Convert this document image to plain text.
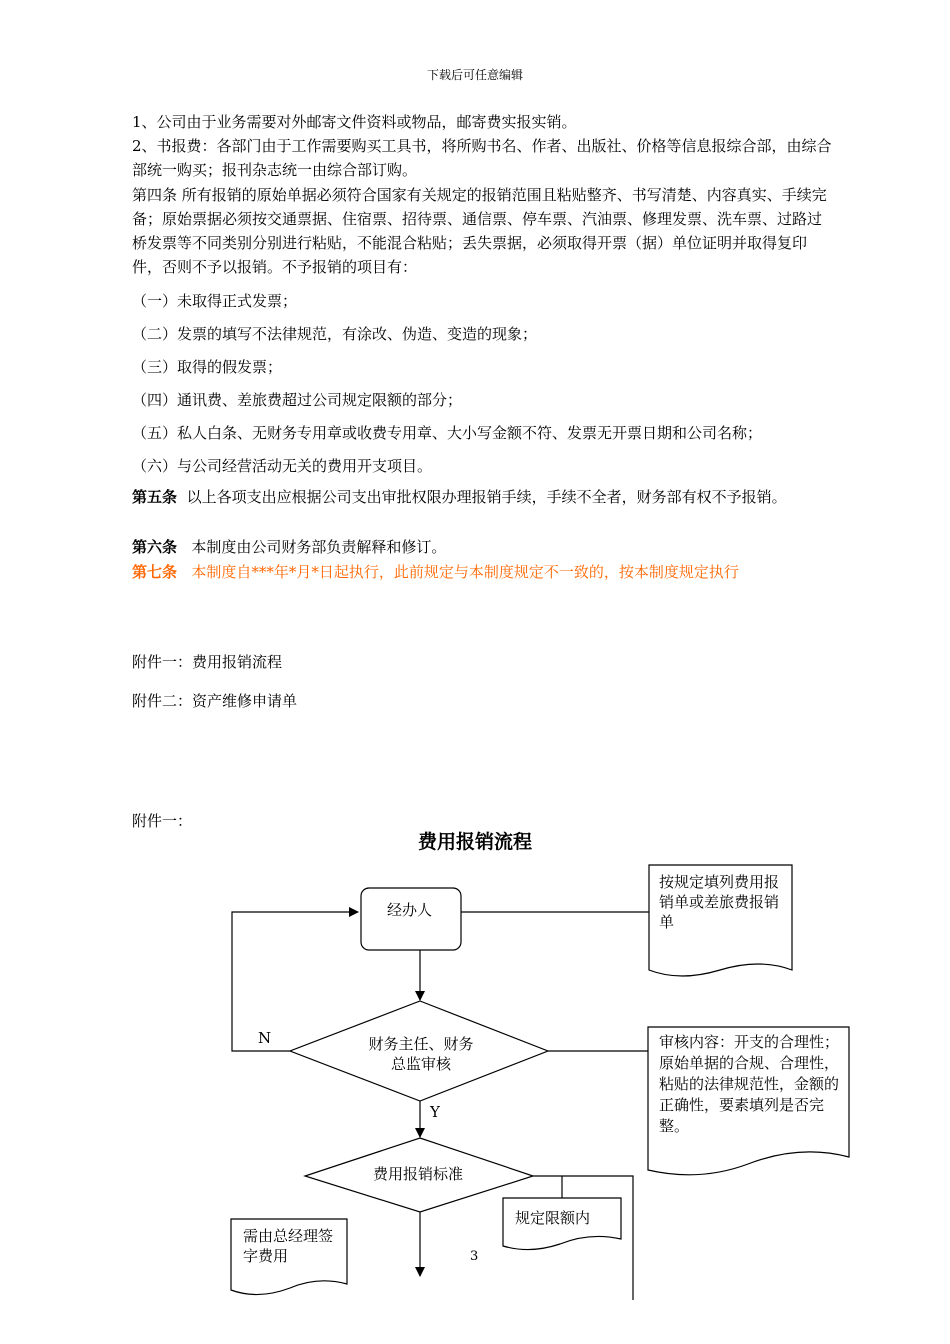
下载后可任意编辑

1、公司由于业务需要对外邮寄文件资料或物品，邮寄费实报实销。

2、书报费：各部门由于工作需要购买工具书，将所购书名、作者、出版社、价格等信息报综合部，由综合部统一购买；报刊杂志统一由综合部订购。

第四条 所有报销的原始单据必须符合国家有关规定的报销范围且粘贴整齐、书写清楚、内容真实、手续完备；原始票据必须按交通票据、住宿票、招待票、通信票、停车票、汽油票、修理发票、洗车票、过路过桥发票等不同类别分别进行粘贴，不能混合粘贴；丢失票据，必须取得开票（据）单位证明并取得复印件，否则不予以报销。不予报销的项目有：

（一）未取得正式发票；

（二）发票的填写不法律规范，有涂改、伪造、变造的现象；

（三）取得的假发票；

（四）通讯费、差旅费超过公司规定限额的部分；

（五）私人白条、无财务专用章或收费专用章、大小写金额不符、发票无开票日期和公司名称；

（六）与公司经营活动无关的费用开支项目。

第五条 以上各项支出应根据公司支出审批权限办理报销手续，手续不全者，财务部有权不予报销。

第六条 本制度由公司财务部负责解释和修订。

第七条 本制度自***年*月*日起执行，此前规定与本制度规定不一致的，按本制度规定执行

附件一：费用报销流程

附件二：资产维修申请单

附件一：

费用报销流程
经办人
按规定填列费用报销单或差旅费报销单
财务主任、财务总监审核
审核内容：开支的合理性；原始单据的合规、合理性，粘贴的法律规范性，金额的正确性，要素填列是否完整。
N
Y
费用报销标准
规定限额内
需由总经理签字费用	3
